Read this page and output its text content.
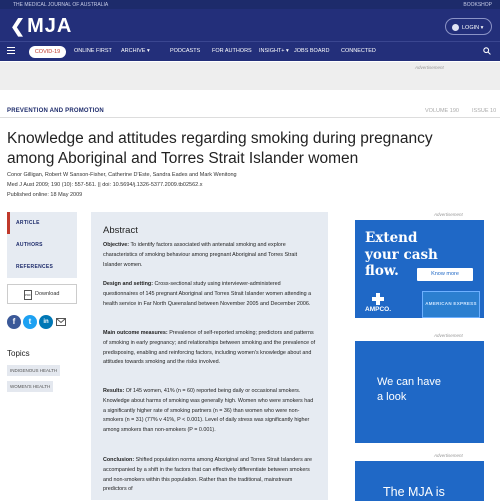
THE MEDICAL JOURNAL OF AUSTRALIA	BOOKSHOP
❮MJA	LOGIN ▾
COVID-19	ONLINE FIRST ARCHIVE ▾	PODCASTS FOR AUTHORS INSIGHT+ ▾ JOBS BOARD CONNECTED
Advertisement
PREVENTION AND PROMOTION	VOLUME 190 ISSUE 10
Knowledge and attitudes regarding smoking during pregnancy
among Aboriginal and Torres Strait Islander women
Conor Gilligan, Robert W Sanson-Fisher, Catherine D'Este, Sandra Eades and Mark Wenitong
Med J Aust 2009; 190 (10): 557-561. || doi: 10.5694/j.1326-5377.2009.tb02562.x
Published online: 18 May 2009
ARTICLE
AUTHORS
REFERENCES
PDF Download
f	t	in
Topics
INDIGENOUS HEALTH
WOMEN'S HEALTH
Abstract

Objective: To identify factors associated with antenatal smoking and explore characteristics of smoking behaviour among pregnant Aboriginal and Torres Strait Islander women.

Design and setting: Cross-sectional study using interviewer-administered questionnaires of 145 pregnant Aboriginal and Torres Strait Islander women attending a health service in Far North Queensland between November 2005 and December 2006.

Main outcome measures: Prevalence of self-reported smoking; predictors and patterns of smoking in early pregnancy; and relationships between smoking and the prevalence of predisposing, enabling and reinforcing factors, including women's knowledge about and attitudes towards smoking and the risks involved.

Results: Of 145 women, 41% (n = 60) reported being daily or occasional smokers. Knowledge about harms of smoking was generally high. Women who were smokers had a significantly higher rate of smoking partners (n = 36) than women who were non-smokers (n = 31) (77% v 41%, P < 0.001). Level of daily stress was significantly higher among smokers than non-smokers (P = 0.001).

Conclusion: Shifted population norms among Aboriginal and Torres Strait Islanders are accompanied by a shift in the factors that can effectively differentiate between smokers and non-smokers within this population. Rather than the traditional, mainstream predictors of

Advertisement
Extend
your cash
flow.	Know more
AMPCO.
AMERICAN EXPRESS
Advertisement
We can have
a look
Advertisement
The MJA is
